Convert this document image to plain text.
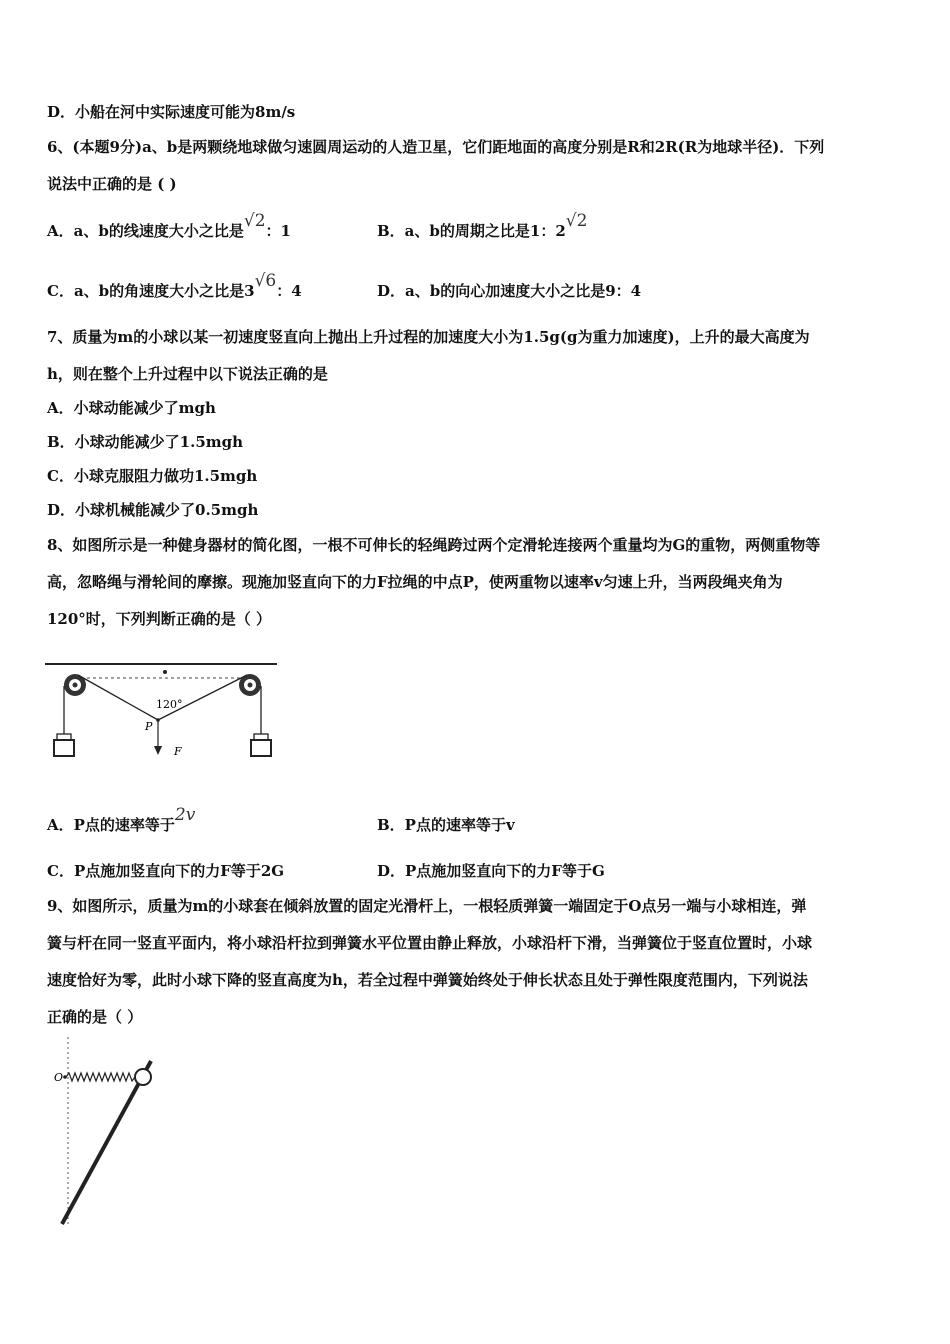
D．小船在河中实际速度可能为8m/s
6、(本题9分)a、b是两颗绕地球做匀速圆周运动的人造卫星，它们距地面的高度分别是R和2R(R为地球半径)．下列
说法中正确的是 ( )
A．a、b的线速度大小之比是√2：1	B．a、b的周期之比是1：2√2
C．a、b的角速度大小之比是3√6：4	D．a、b的向心加速度大小之比是9：4
7、质量为m的小球以某一初速度竖直向上抛出上升过程的加速度大小为1.5g(g为重力加速度)，上升的最大高度为
h，则在整个上升过程中以下说法正确的是
A．小球动能减少了mgh
B．小球动能减少了1.5mgh
C．小球克服阻力做功1.5mgh
D．小球机械能减少了0.5mgh
8、如图所示是一种健身器材的简化图，一根不可伸长的轻绳跨过两个定滑轮连接两个重量均为G的重物，两侧重物等
高，忽略绳与滑轮间的摩擦。现施加竖直向下的力F拉绳的中点P，使两重物以速率v匀速上升，当两段绳夹角为
120°时，下列判断正确的是（ ）
120°
P
F
A．P点的速率等于2v	B．P点的速率等于v
C．P点施加竖直向下的力F等于2G	D．P点施加竖直向下的力F等于G
9、如图所示，质量为m的小球套在倾斜放置的固定光滑杆上，一根轻质弹簧一端固定于O点另一端与小球相连，弹
簧与杆在同一竖直平面内，将小球沿杆拉到弹簧水平位置由静止释放，小球沿杆下滑，当弹簧位于竖直位置时，小球
速度恰好为零，此时小球下降的竖直高度为h，若全过程中弹簧始终处于伸长状态且处于弹性限度范围内，下列说法
正确的是（ ）
O
